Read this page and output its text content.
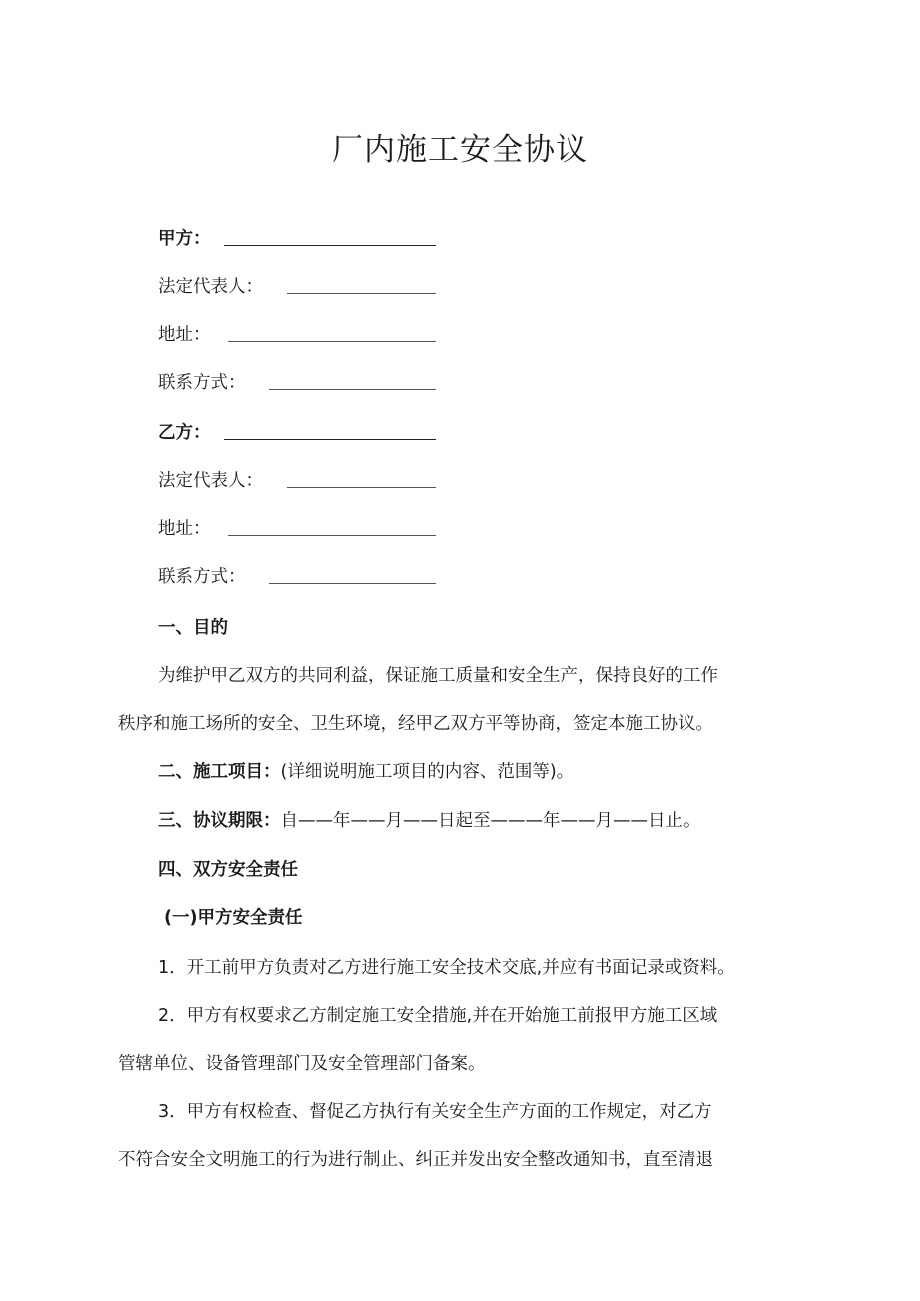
厂内施工安全协议
甲方：
法定代表人：
地址：
联系方式：
乙方：
法定代表人：
地址：
联系方式：
一、目的
为维护甲乙双方的共同利益，保证施工质量和安全生产，保持良好的工作
秩序和施工场所的安全、卫生环境，经甲乙双方平等协商，签定本施工协议。
二、施工项目：(详细说明施工项目的内容、范围等)。
三、协议期限：自——年——月——日起至———年——月——日止。
四、双方安全责任
(一)甲方安全责任
1．开工前甲方负责对乙方进行施工安全技术交底,并应有书面记录或资料。
2．甲方有权要求乙方制定施工安全措施,并在开始施工前报甲方施工区域
管辖单位、设备管理部门及安全管理部门备案。
3．甲方有权检查、督促乙方执行有关安全生产方面的工作规定，对乙方
不符合安全文明施工的行为进行制止、纠正并发出安全整改通知书，直至清退
